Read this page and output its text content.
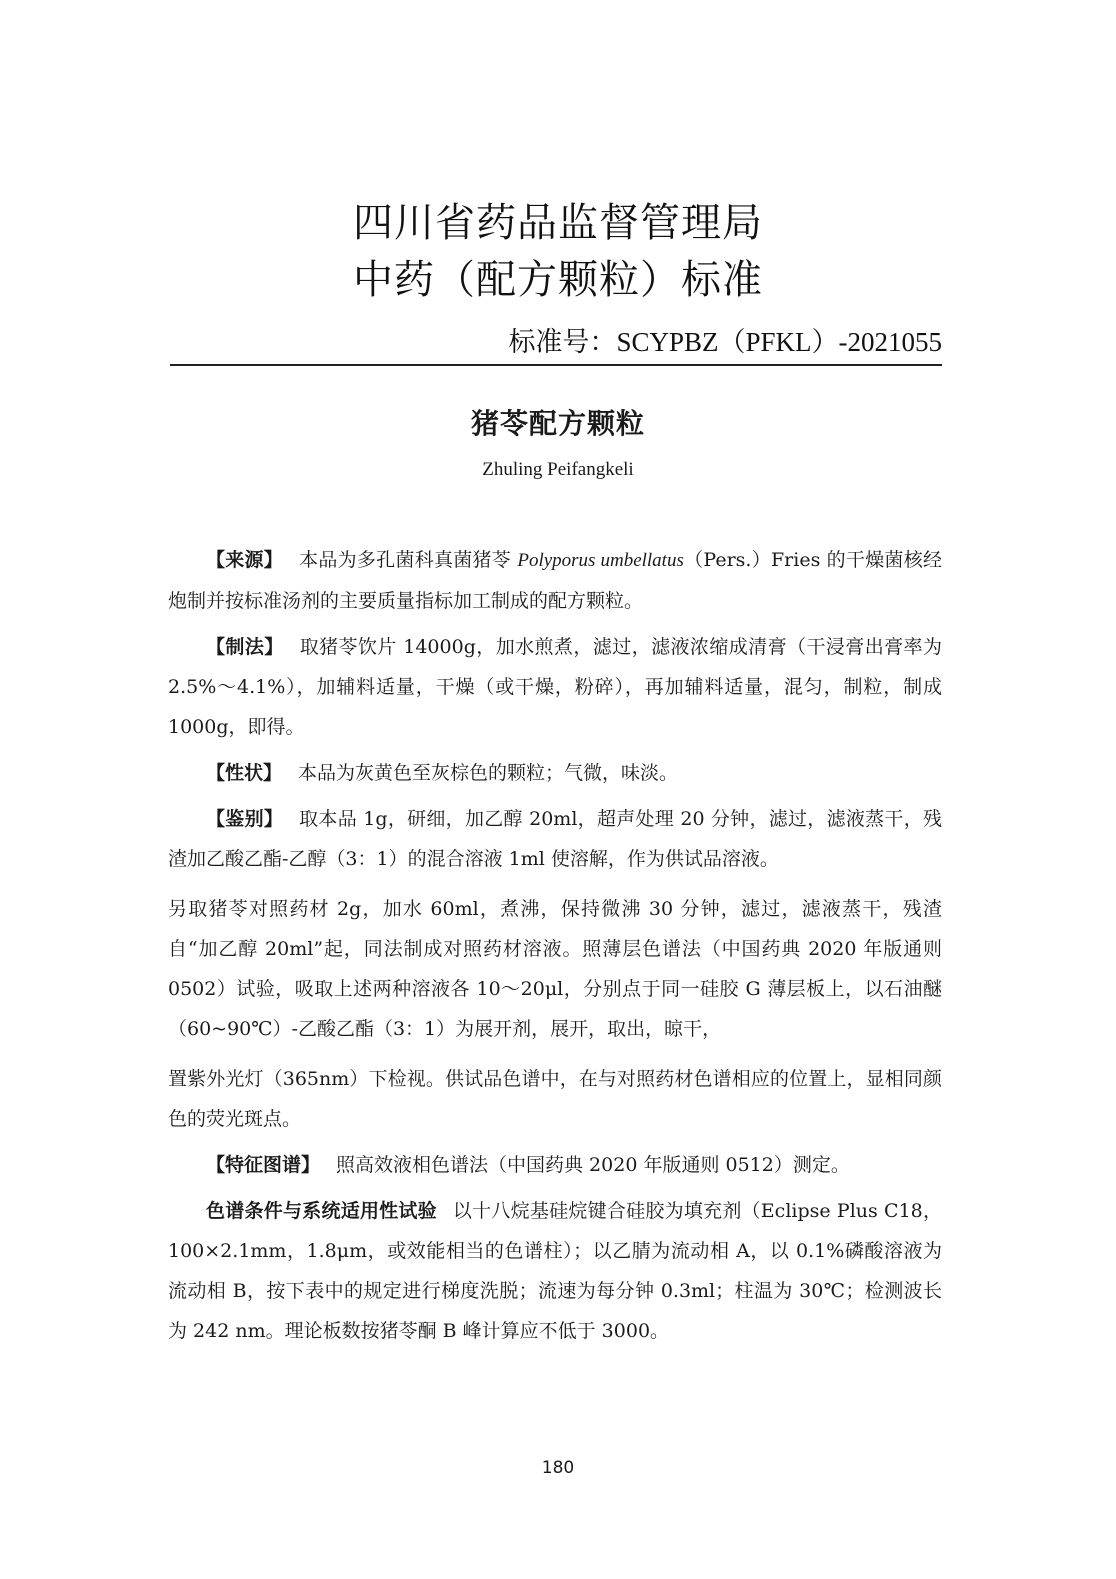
四川省药品监督管理局
中药（配方颗粒）标准
标准号：SCYPBZ（PFKL）-2021055
猪苓配方颗粒
Zhuling Peifangkeli

【来源】 本品为多孔菌科真菌猪苓 Polyporus umbellatus（Pers.）Fries 的干燥菌核经炮制并按标准汤剂的主要质量指标加工制成的配方颗粒。

【制法】 取猪苓饮片 14000g，加水煎煮，滤过，滤液浓缩成清膏（干浸膏出膏率为 2.5%～4.1%），加辅料适量，干燥（或干燥，粉碎），再加辅料适量，混匀，制粒，制成 1000g，即得。

【性状】 本品为灰黄色至灰棕色的颗粒；气微，味淡。

【鉴别】 取本品 1g，研细，加乙醇 20ml，超声处理 20 分钟，滤过，滤液蒸干，残渣加乙酸乙酯-乙醇（3：1）的混合溶液 1ml 使溶解，作为供试品溶液。

另取猪苓对照药材 2g，加水 60ml，煮沸，保持微沸 30 分钟，滤过，滤液蒸干，残渣自“加乙醇 20ml”起，同法制成对照药材溶液。照薄层色谱法（中国药典 2020 年版通则 0502）试验，吸取上述两种溶液各 10～20μl，分别点于同一硅胶 G 薄层板上，以石油醚（60~90℃）-乙酸乙酯（3：1）为展开剂，展开，取出，晾干，

置紫外光灯（365nm）下检视。供试品色谱中，在与对照药材色谱相应的位置上，显相同颜色的荧光斑点。

【特征图谱】 照高效液相色谱法（中国药典 2020 年版通则 0512）测定。

色谱条件与系统适用性试验 以十八烷基硅烷键合硅胶为填充剂（Eclipse Plus C18，100×2.1mm，1.8μm，或效能相当的色谱柱）；以乙腈为流动相 A，以 0.1%磷酸溶液为流动相 B，按下表中的规定进行梯度洗脱；流速为每分钟 0.3ml；柱温为 30℃；检测波长为 242 nm。理论板数按猪苓酮 B 峰计算应不低于 3000。

180
